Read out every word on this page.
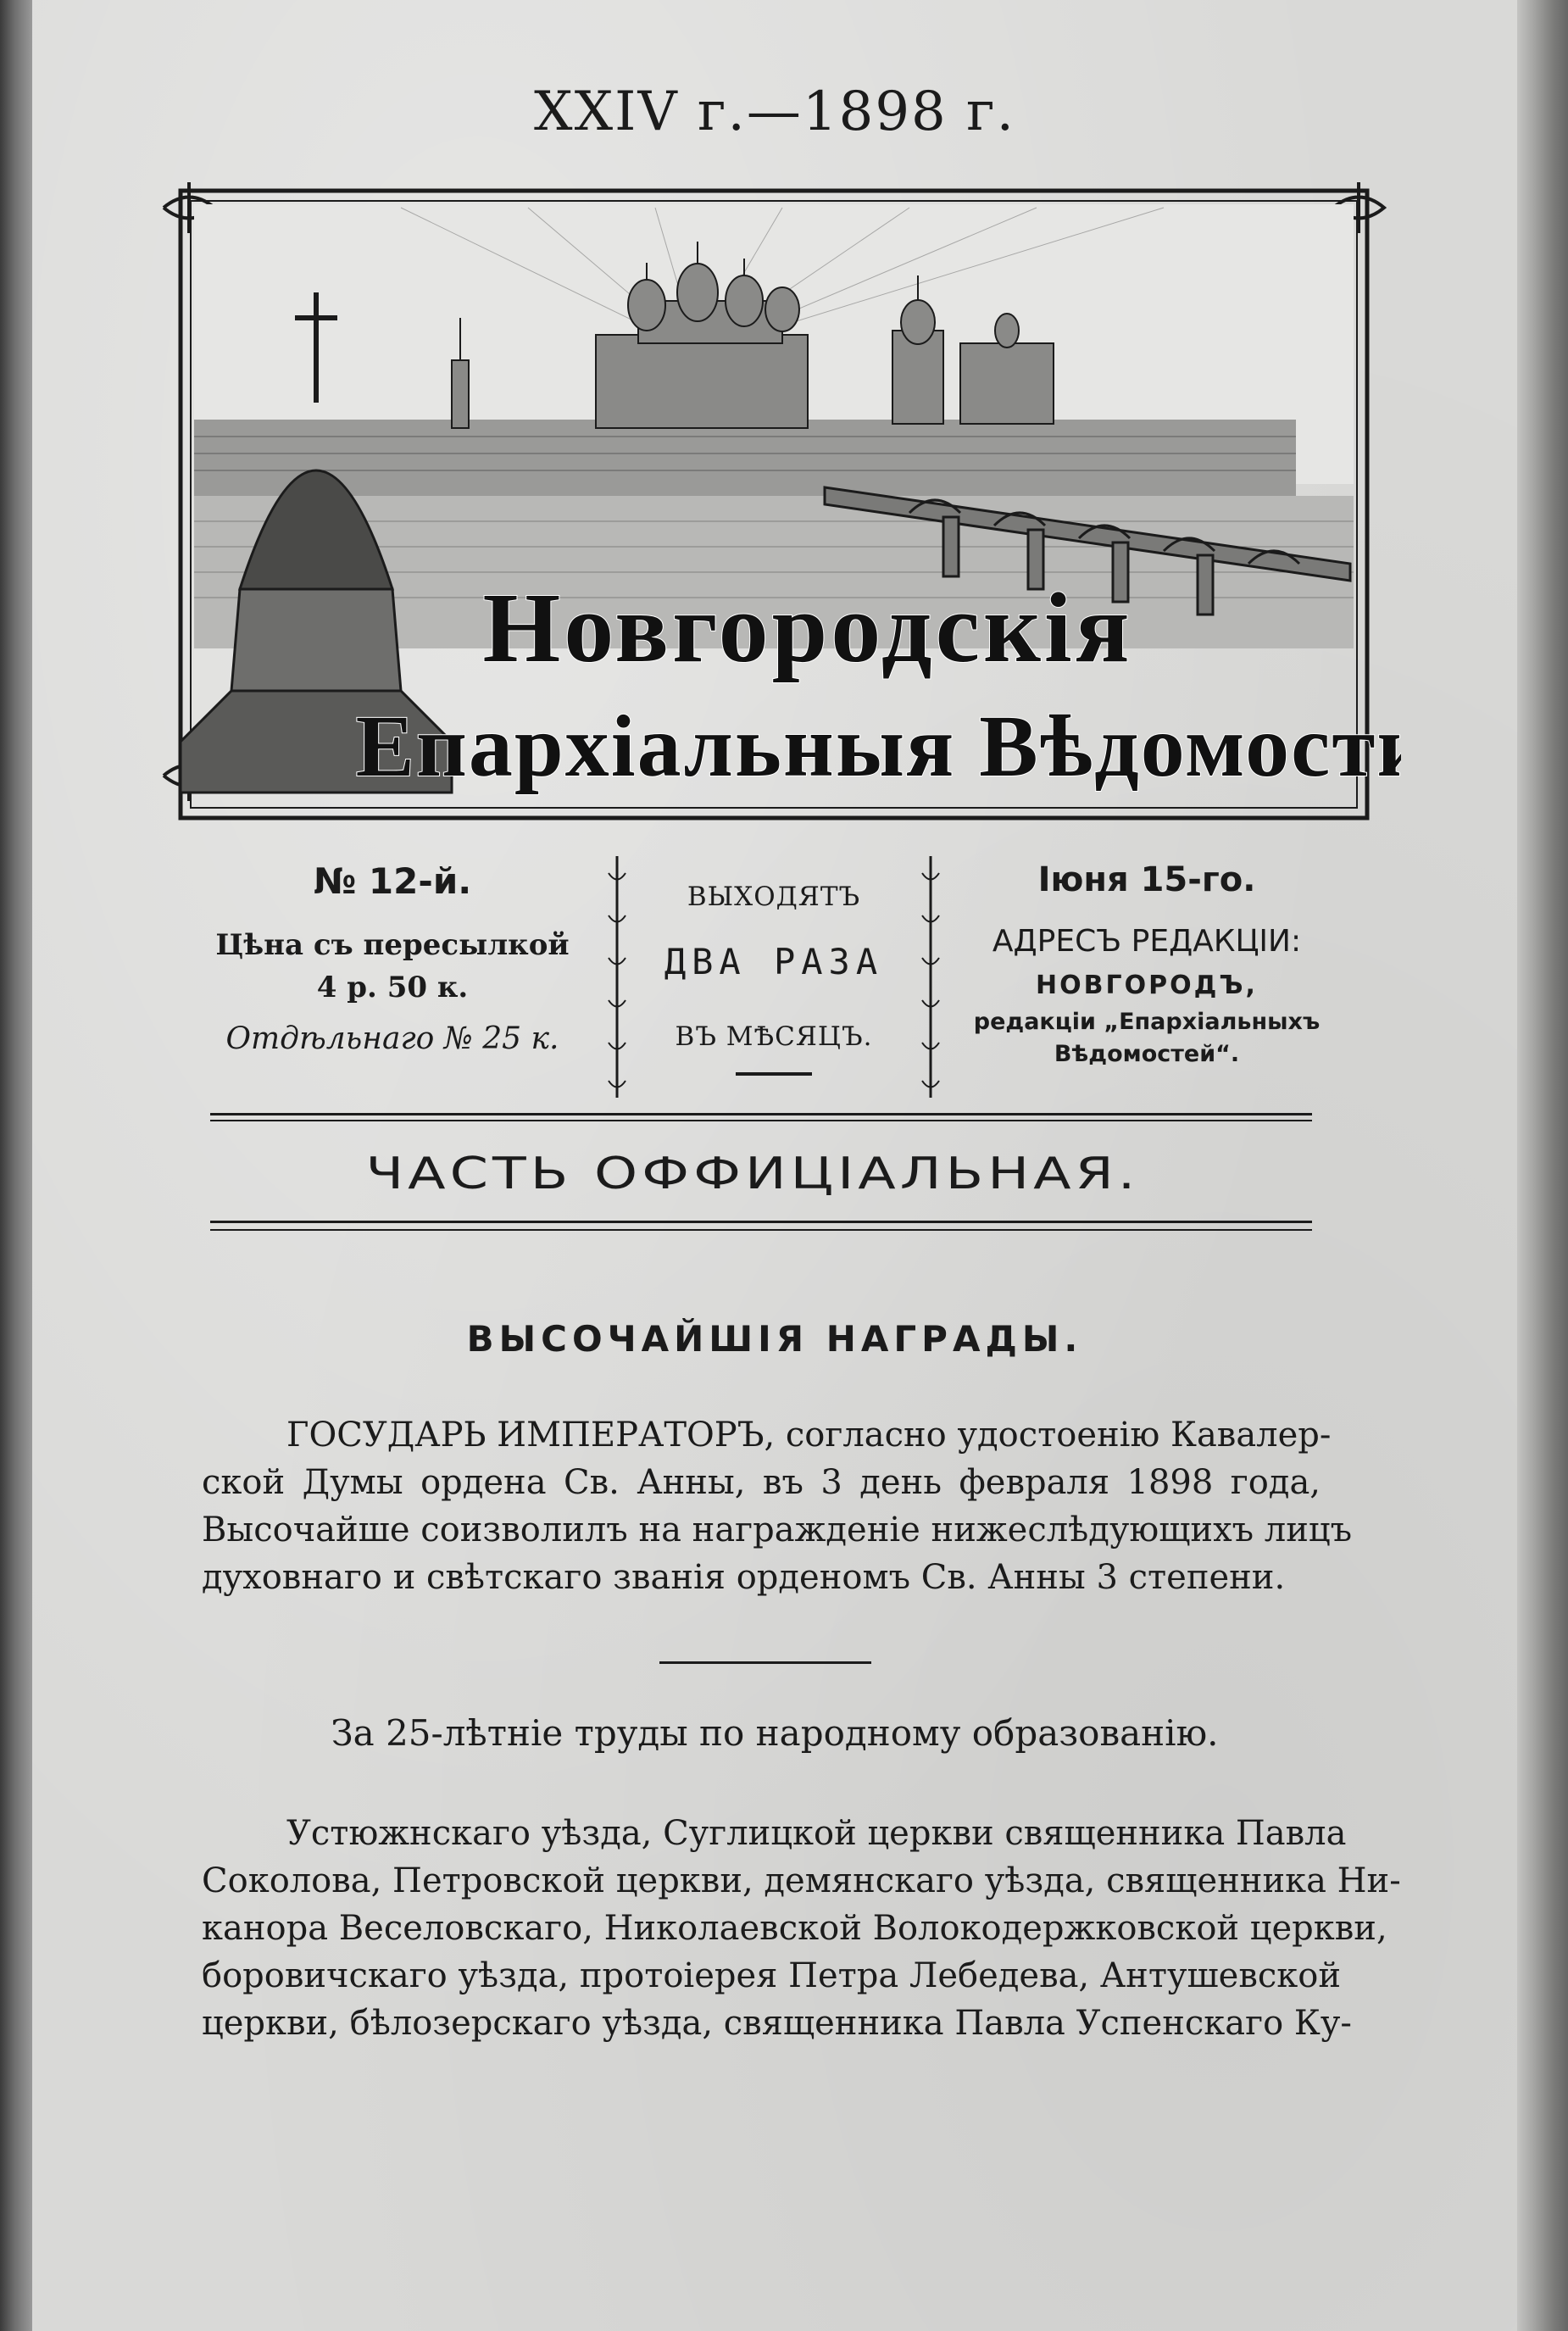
XXIV г.—1898 г.
Новгородскія
Епархіальныя Вѣдомости
№ 12-й.
Цѣна съ пересылкой
4 р. 50 к.
Отдѣльнаго № 25 к.
ВЫХОДЯТЪ
ДВА РАЗА
ВЪ МѢСЯЦЪ.
Іюня 15-го.
АДРЕСЪ РЕДАКЦІИ:
НОВГОРОДЪ,
редакціи „Епархіальныхъ
Вѣдомостей“.
ЧАСТЬ ОФФИЦІАЛЬНАЯ.
ВЫСОЧАЙШІЯ НАГРАДЫ.
ГОСУДАРЬ ИМПЕРАТОРЪ, согласно удостоенію Кавалер-
ской Думы ордена Св. Анны, въ 3 день февраля 1898 года,
Высочайше соизволилъ на награжденіе нижеслѣдующихъ лицъ
духовнаго и свѣтскаго званія орденомъ Св. Анны 3 степени.
За 25-лѣтніе труды по народному образованію.
Устюжнскаго уѣзда, Суглицкой церкви священника Павла
Соколова, Петровской церкви, демянскаго уѣзда, священника Ни-
канора Веселовскаго, Николаевской Волокодержковской церкви,
боровичскаго уѣзда, протоіерея Петра Лебедева, Антушевской
церкви, бѣлозерскаго уѣзда, священника Павла Успенскаго Ку-
